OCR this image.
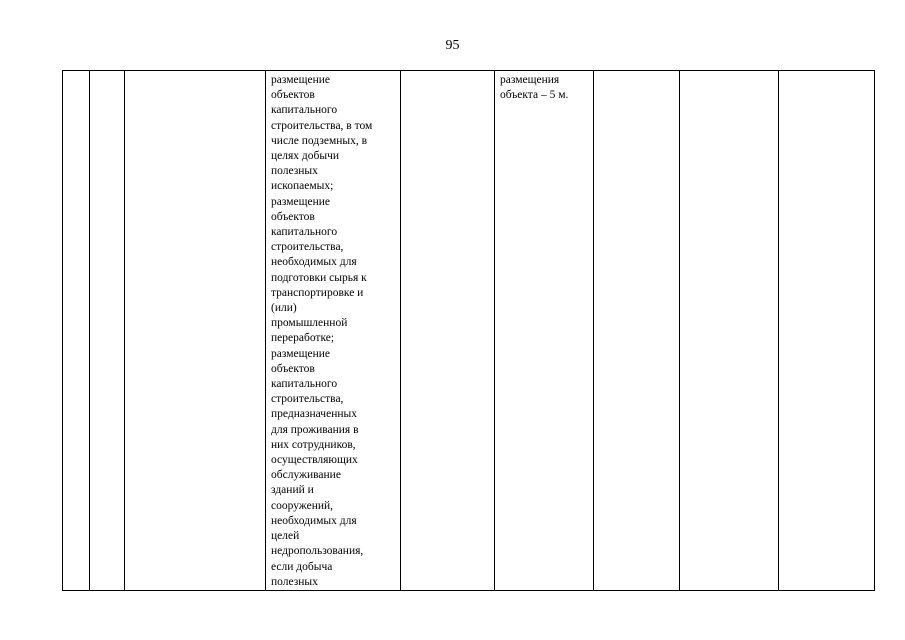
95
			размещение
объектов
капитального
строительства, в том
числе подземных, в
целях добычи
полезных
ископаемых;
размещение
объектов
капитального
строительства,
необходимых для
подготовки сырья к
транспортировке и
(или)
промышленной
переработке;
размещение
объектов
капитального
строительства,
предназначенных
для проживания в
них сотрудников,
осуществляющих
обслуживание
зданий и
сооружений,
необходимых для
целей
недропользования,
если добыча
полезных		размещения
объекта – 5 м.			
